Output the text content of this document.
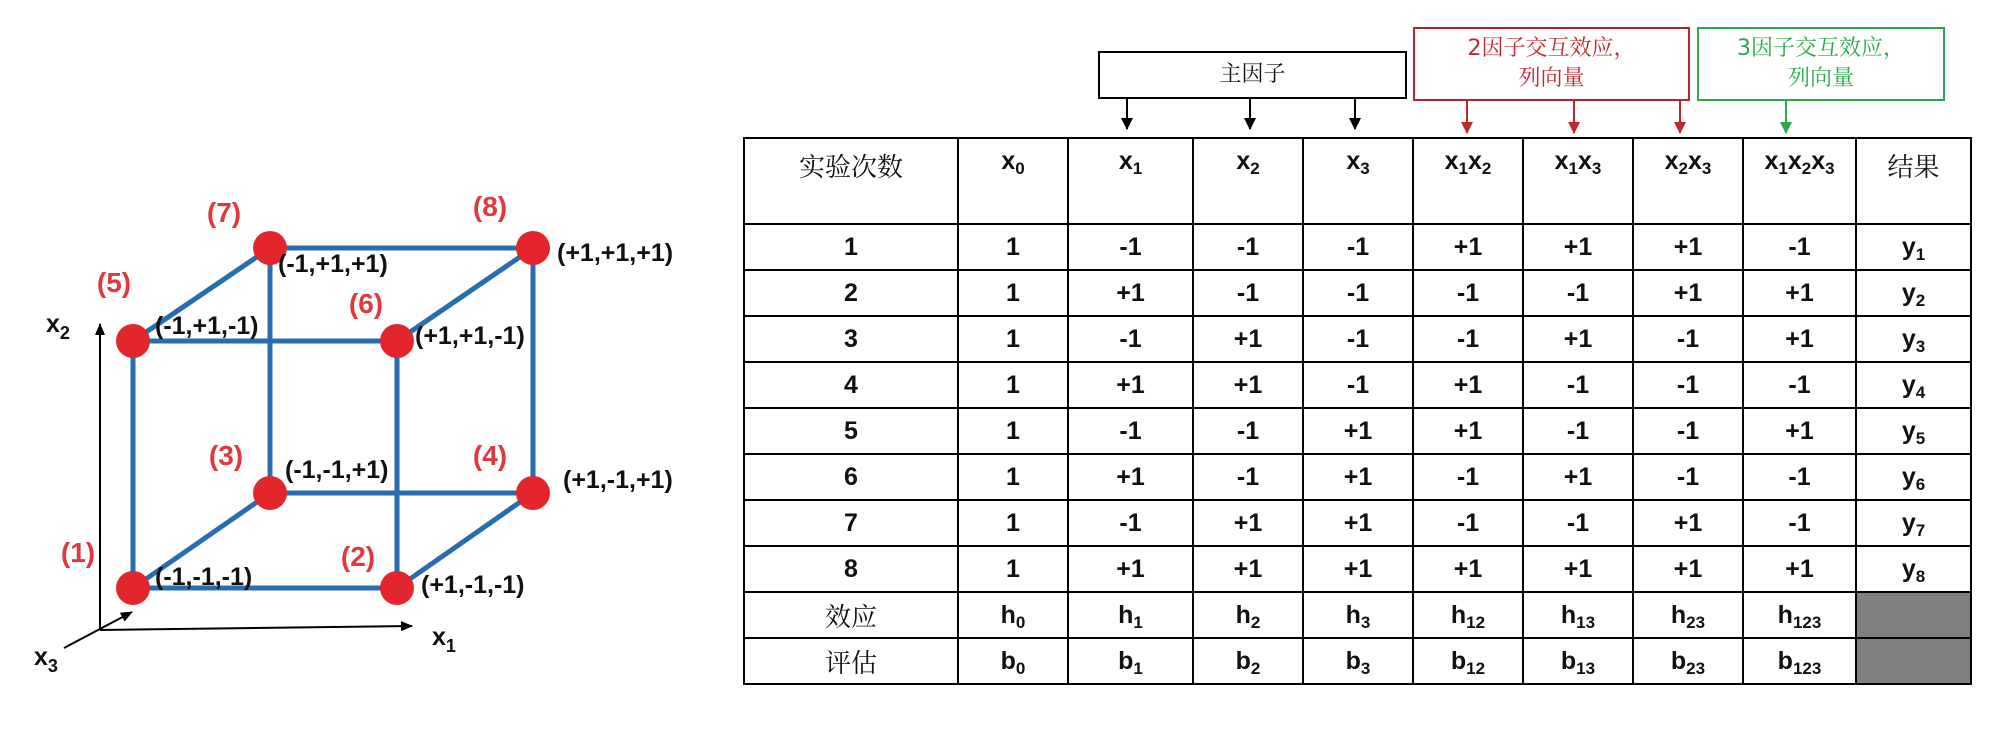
(1)
(-1,-1,-1)
(2)
(+1,-1,-1)
(3) (-1,-1,+1)	(4)
(+1,-1,+1)
(5)
(-1,+1,-1)
(6)
(+1,+1,-1)
(7)
(-1,+1,+1)
(8)
(+1,+1,+1)
$x_1$
$x_2$
$x_3$
主因子
2因子交互效应，
列向量
3因子交互效应，
列向量
实验次数	$x_0$	$x_1$	$x_2$	$x_3$	$x_1x_2$	$x_1x_3$	$x_2x_3$	$x_1x_2x_3$	结果
1	1	-1	-1	-1	+1	+1	+1	-1	$y_1$
2	1	+1	-1	-1	-1	-1	+1	+1	$y_2$
3	1	-1	+1	-1	-1	+1	-1	+1	$y_3$
4	1	+1	+1	-1	+1	-1	-1	-1	$y_4$
5	1	-1	-1	+1	+1	-1	-1	+1	$y_5$
6	1	+1	-1	+1	-1	+1	-1	-1	$y_6$
7	1	-1	+1	+1	-1	-1	+1	-1	$y_7$
8	1	+1	+1	+1	+1	+1	+1	+1	$y_8$
效应	$h_0$	$h_1$	$h_2$	$h_3$	$h_{12}$	$h_{13}$	$h_{23}$	$h_{123}$	
评估	$b_0$	$b_1$	$b_2$	$b_3$	$b_{12}$	$b_{13}$	$b_{23}$	$b_{123}$	
